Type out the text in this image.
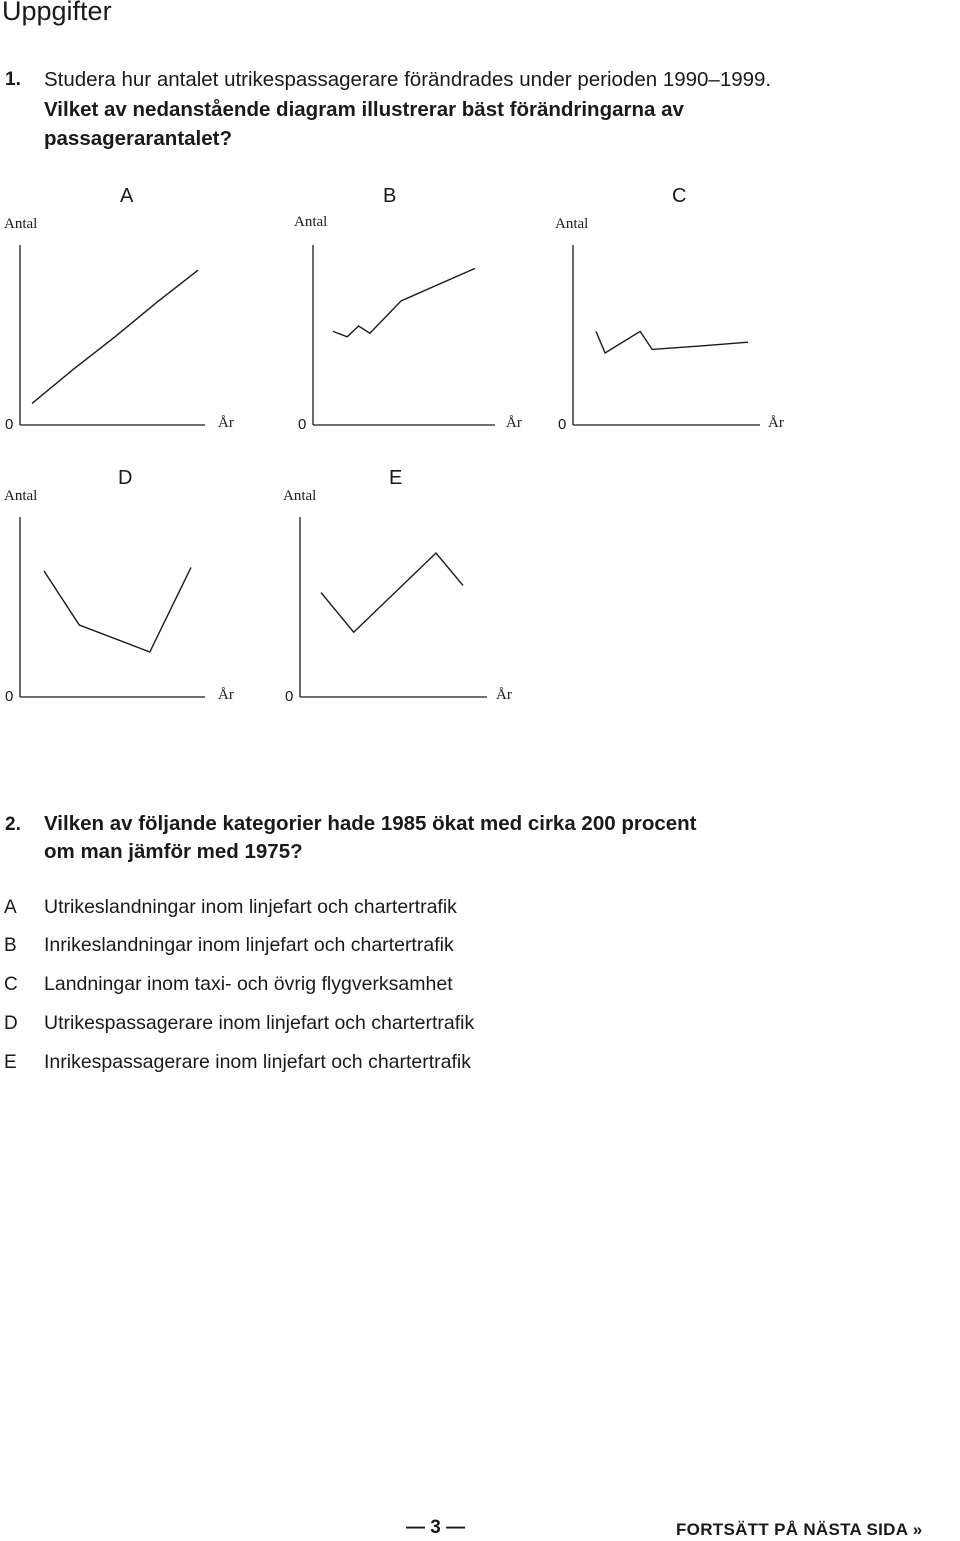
Uppgifter
1. Studera hur antalet utrikespassagerare förändrades under perioden 1990–1999.
Vilket av nedanstående diagram illustrerar bäst förändringarna av
passagerarantalet?
A
Antal
0	År
B
Antal
0	År
C
Antal
0	År
D
Antal
0	År
E
Antal
0	År
2. Vilken av följande kategorier hade 1985 ökat med cirka 200 procent
om man jämför med 1975?
A Utrikeslandningar inom linjefart och chartertrafik
B Inrikeslandningar inom linjefart och chartertrafik
C Landningar inom taxi- och övrig flygverksamhet
D Utrikespassagerare inom linjefart och chartertrafik
E Inrikespassagerare inom linjefart och chartertrafik
— 3 —	FORTSÄTT PÅ NÄSTA SIDA »
